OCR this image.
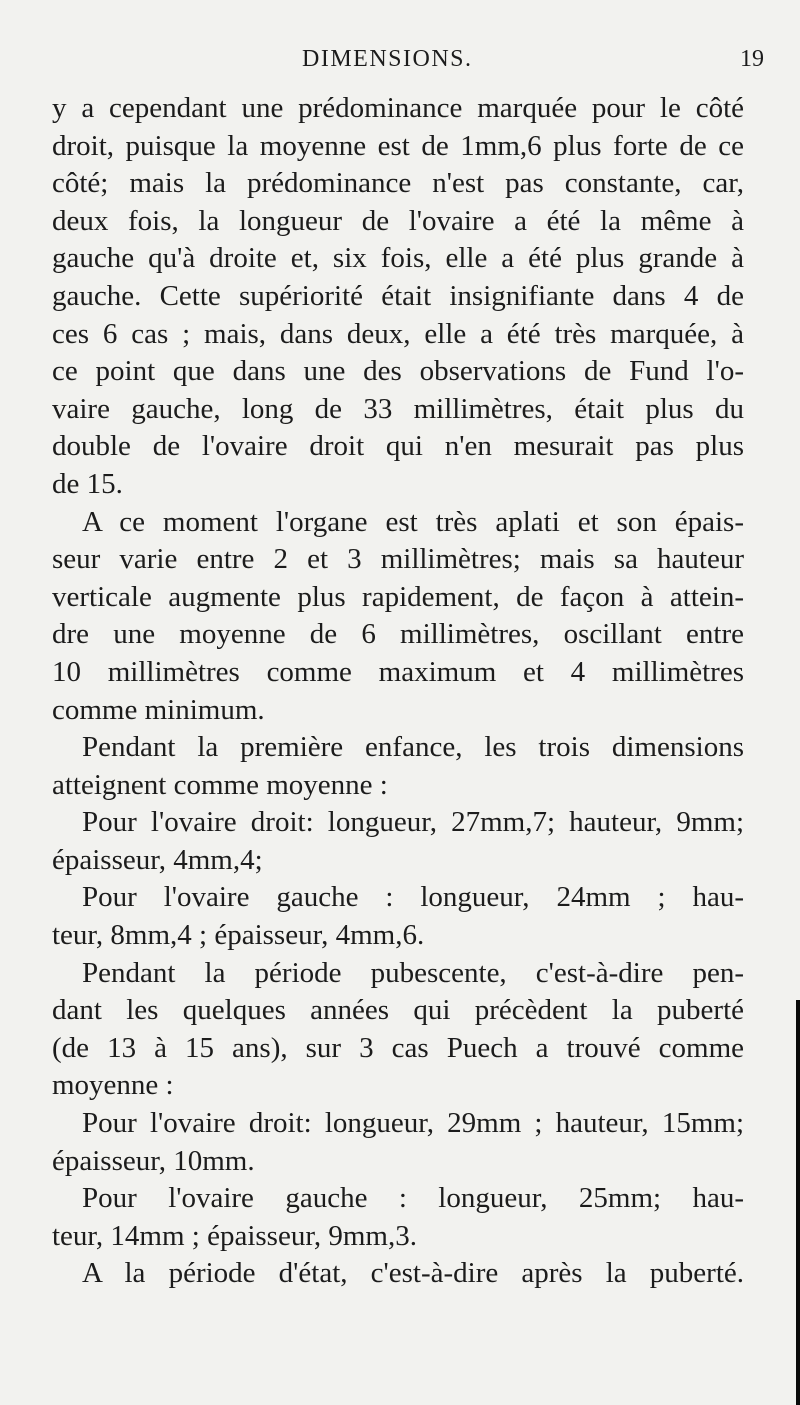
DIMENSIONS.	19
y a cependant une prédominance marquée pour le côté
droit, puisque la moyenne est de 1mm,6 plus forte de ce
côté; mais la prédominance n'est pas constante, car,
deux fois, la longueur de l'ovaire a été la même à
gauche qu'à droite et, six fois, elle a été plus grande à
gauche. Cette supériorité était insignifiante dans 4 de
ces 6 cas ; mais, dans deux, elle a été très marquée, à
ce point que dans une des observations de Fund l'o-
vaire gauche, long de 33 millimètres, était plus du
double de l'ovaire droit qui n'en mesurait pas plus
de 15.
A ce moment l'organe est très aplati et son épais-
seur varie entre 2 et 3 millimètres; mais sa hauteur
verticale augmente plus rapidement, de façon à attein-
dre une moyenne de 6 millimètres, oscillant entre
10 millimètres comme maximum et 4 millimètres
comme minimum.
Pendant la première enfance, les trois dimensions
atteignent comme moyenne :
Pour l'ovaire droit: longueur, 27mm,7; hauteur, 9mm;
épaisseur, 4mm,4;
Pour l'ovaire gauche : longueur, 24mm ; hau-
teur, 8mm,4 ; épaisseur, 4mm,6.
Pendant la période pubescente, c'est-à-dire pen-
dant les quelques années qui précèdent la puberté
(de 13 à 15 ans), sur 3 cas Puech a trouvé comme
moyenne :
Pour l'ovaire droit: longueur, 29mm ; hauteur, 15mm;
épaisseur, 10mm.
Pour l'ovaire gauche : longueur, 25mm; hau-
teur, 14mm ; épaisseur, 9mm,3.
A la période d'état, c'est-à-dire après la puberté.
